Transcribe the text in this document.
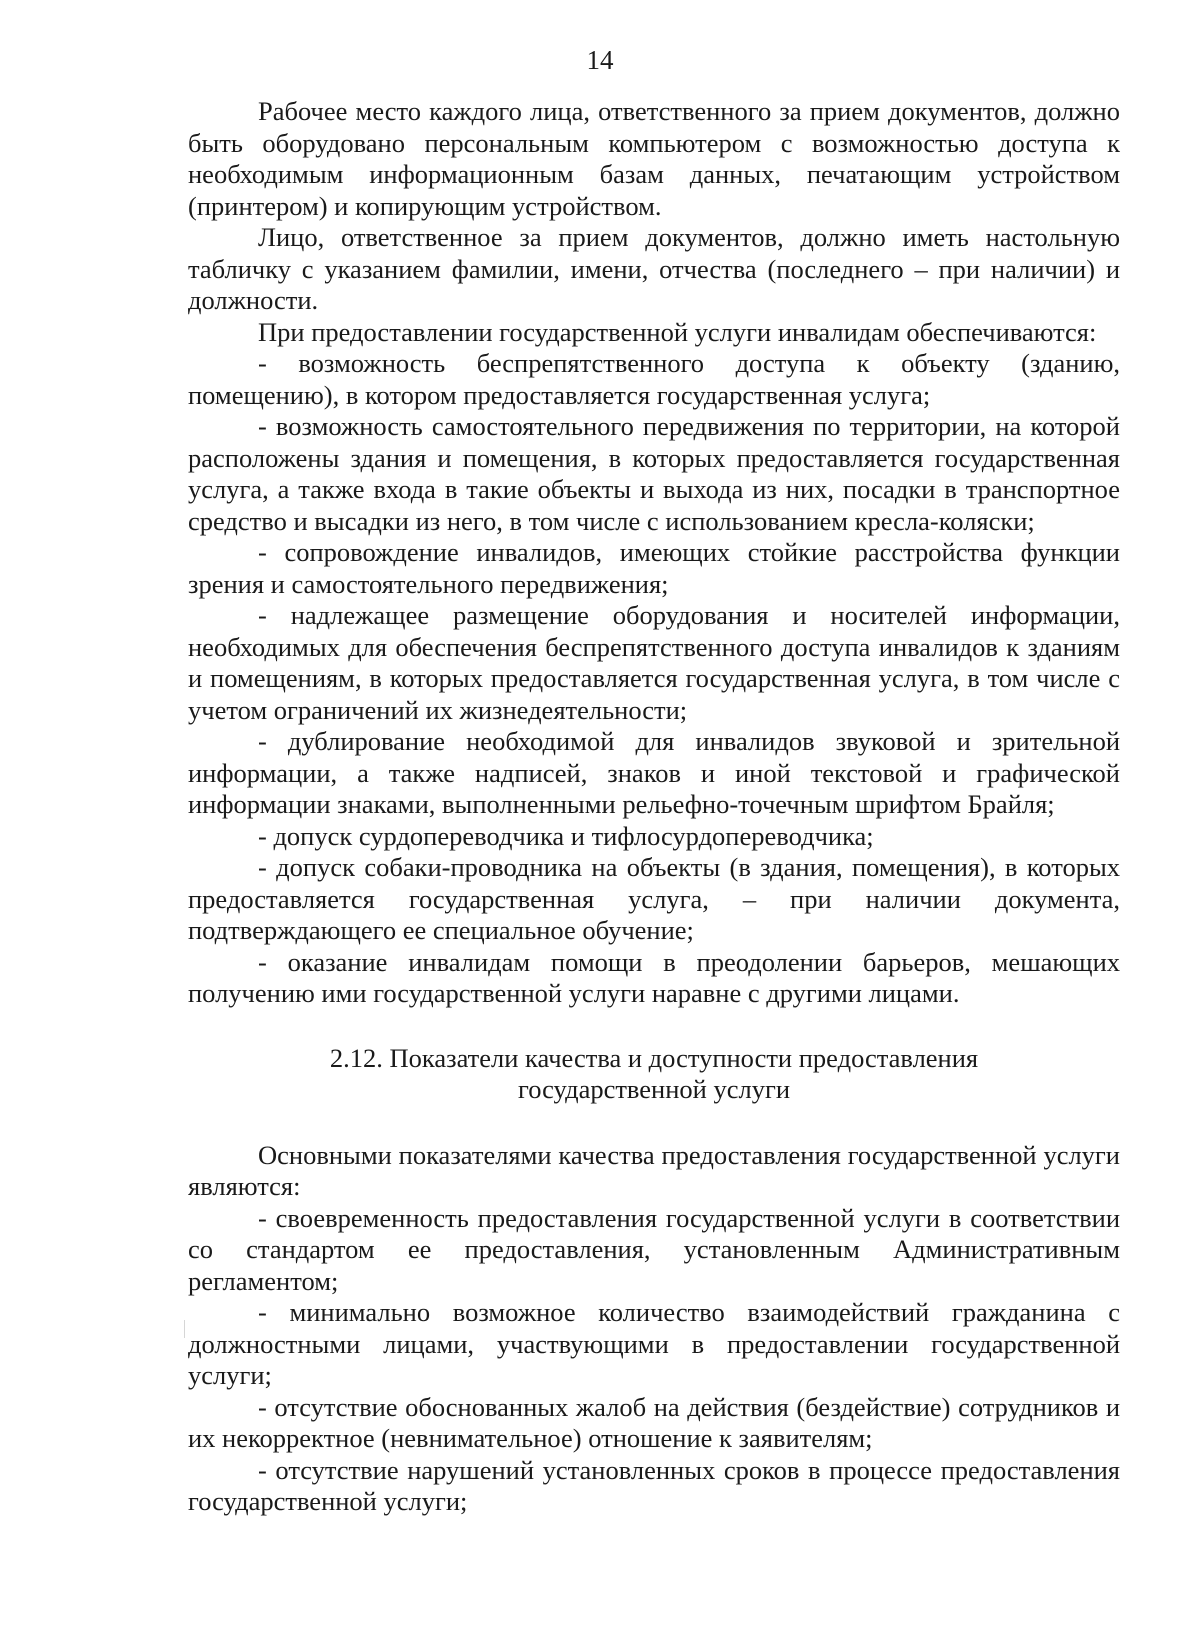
14

Рабочее место каждого лица, ответственного за прием документов, должно быть оборудовано персональным компьютером с возможностью доступа к необходимым информационным базам данных, печатающим устройством (принтером) и копирующим устройством.

Лицо, ответственное за прием документов, должно иметь настольную табличку с указанием фамилии, имени, отчества (последнего – при наличии) и должности.

При предоставлении государственной услуги инвалидам обеспечиваются:

- возможность беспрепятственного доступа к объекту (зданию, помещению), в котором предоставляется государственная услуга;

- возможность самостоятельного передвижения по территории, на которой расположены здания и помещения, в которых предоставляется государственная услуга, а также входа в такие объекты и выхода из них, посадки в транспортное средство и высадки из него, в том числе с использованием кресла-коляски;

- сопровождение инвалидов, имеющих стойкие расстройства функции зрения и самостоятельного передвижения;

- надлежащее размещение оборудования и носителей информации, необходимых для обеспечения беспрепятственного доступа инвалидов к зданиям и помещениям, в которых предоставляется государственная услуга, в том числе с учетом ограничений их жизнедеятельности;

- дублирование необходимой для инвалидов звуковой и зрительной информации, а также надписей, знаков и иной текстовой и графической информации знаками, выполненными рельефно-точечным шрифтом Брайля;

- допуск сурдопереводчика и тифлосурдопереводчика;

- допуск собаки-проводника на объекты (в здания, помещения), в которых предоставляется государственная услуга, – при наличии документа, подтверждающего ее специальное обучение;

- оказание инвалидам помощи в преодолении барьеров, мешающих получению ими государственной услуги наравне с другими лицами.

2.12. Показатели качества и доступности предоставления
государственной услуги

Основными показателями качества предоставления государственной услуги являются:

- своевременность предоставления государственной услуги в соответствии со стандартом ее предоставления, установленным Административным регламентом;

- минимально возможное количество взаимодействий гражданина с должностными лицами, участвующими в предоставлении государственной услуги;

- отсутствие обоснованных жалоб на действия (бездействие) сотрудников и их некорректное (невнимательное) отношение к заявителям;

- отсутствие нарушений установленных сроков в процессе предоставления государственной услуги;
